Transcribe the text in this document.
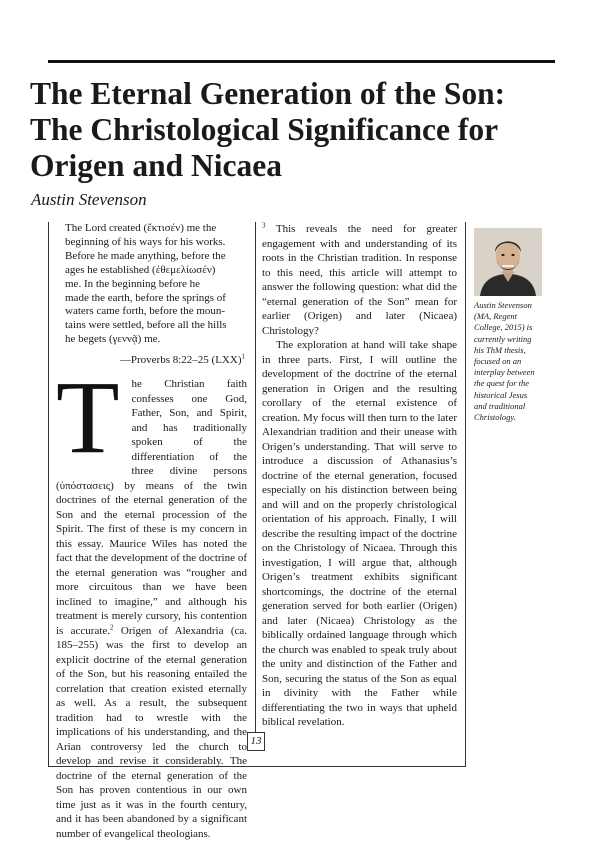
The Eternal Generation of the Son:
The Christological Significance for
Origen and Nicaea

Austin Stevenson

The Lord created (ἔκτισέν) me the
beginning of his ways for his works.
Before he made anything, before the
ages he established (ἐθεμελίωσέν)
me. In the beginning before he
made the earth, before the springs of
waters came forth, before the moun-
tains were settled, before all the hills
he begets (γεννᾷ) me.

—Proverbs 8:22–25 (LXX)$^1$

T	he Christian faith confesses one God, Father, Son, and Spirit, and has traditionally spoken of the differentiation of the three divine persons (ὑπόστασεις) by means of the twin doctrines of the eternal generation of the Son and the eternal procession of the Spirit. The first of these is my concern in this essay. Maurice Wiles has noted the fact that the development of the doctrine of the eternal generation was “rougher and more circuitous than we have been inclined to imagine,” and although his treatment is merely cursory, his contention is accurate.$^2$ Origen of Alexandria (ca. 185–255) was the first to develop an explicit doctrine of the eternal generation of the Son, but his reasoning entailed the correlation that creation existed eternally as well. As a result, the subsequent tradition had to wrestle with the implications of his understanding, and the Arian controversy led the church to develop and revise it considerably. The doctrine of the eternal generation of the Son has proven contentious in our own time just as it was in the fourth century, and it has been abandoned by a significant number of evangelical theologians.

$^3$ This reveals the need for greater engagement with and understanding of its roots in the Christian tradition. In response to this need, this article will attempt to answer the following question: what did the “eternal generation of the Son” mean for earlier (Origen) and later (Nicaea) Christology?

The exploration at hand will take shape in three parts. First, I will outline the development of the doctrine of the eternal generation in Origen and the resulting corollary of the eternal existence of creation. My focus will then turn to the later Alexandrian tradition and their unease with Origen’s understanding. That will serve to introduce a discussion of Athanasius’s doctrine of the eternal generation, focused especially on his distinction between being and will and on the properly christological orientation of his approach. Finally, I will describe the resulting impact of the doctrine on the Christology of Nicaea. Through this investigation, I will argue that, although Origen’s treatment exhibits significant shortcomings, the doctrine of the eternal generation served for both earlier (Origen) and later (Nicaea) Christology as the biblically ordained language through which the church was enabled to speak truly about the unity and distinction of the Father and Son, securing the status of the Son as equal in divinity with the Father while differentiating the two in ways that upheld biblical revelation.

Austin Stevenson
(MA, Regent
College, 2015) is
currently writing
his ThM thesis,
focused on an
interplay between
the quest for the
historical Jesus
and traditional
Christology.

13
